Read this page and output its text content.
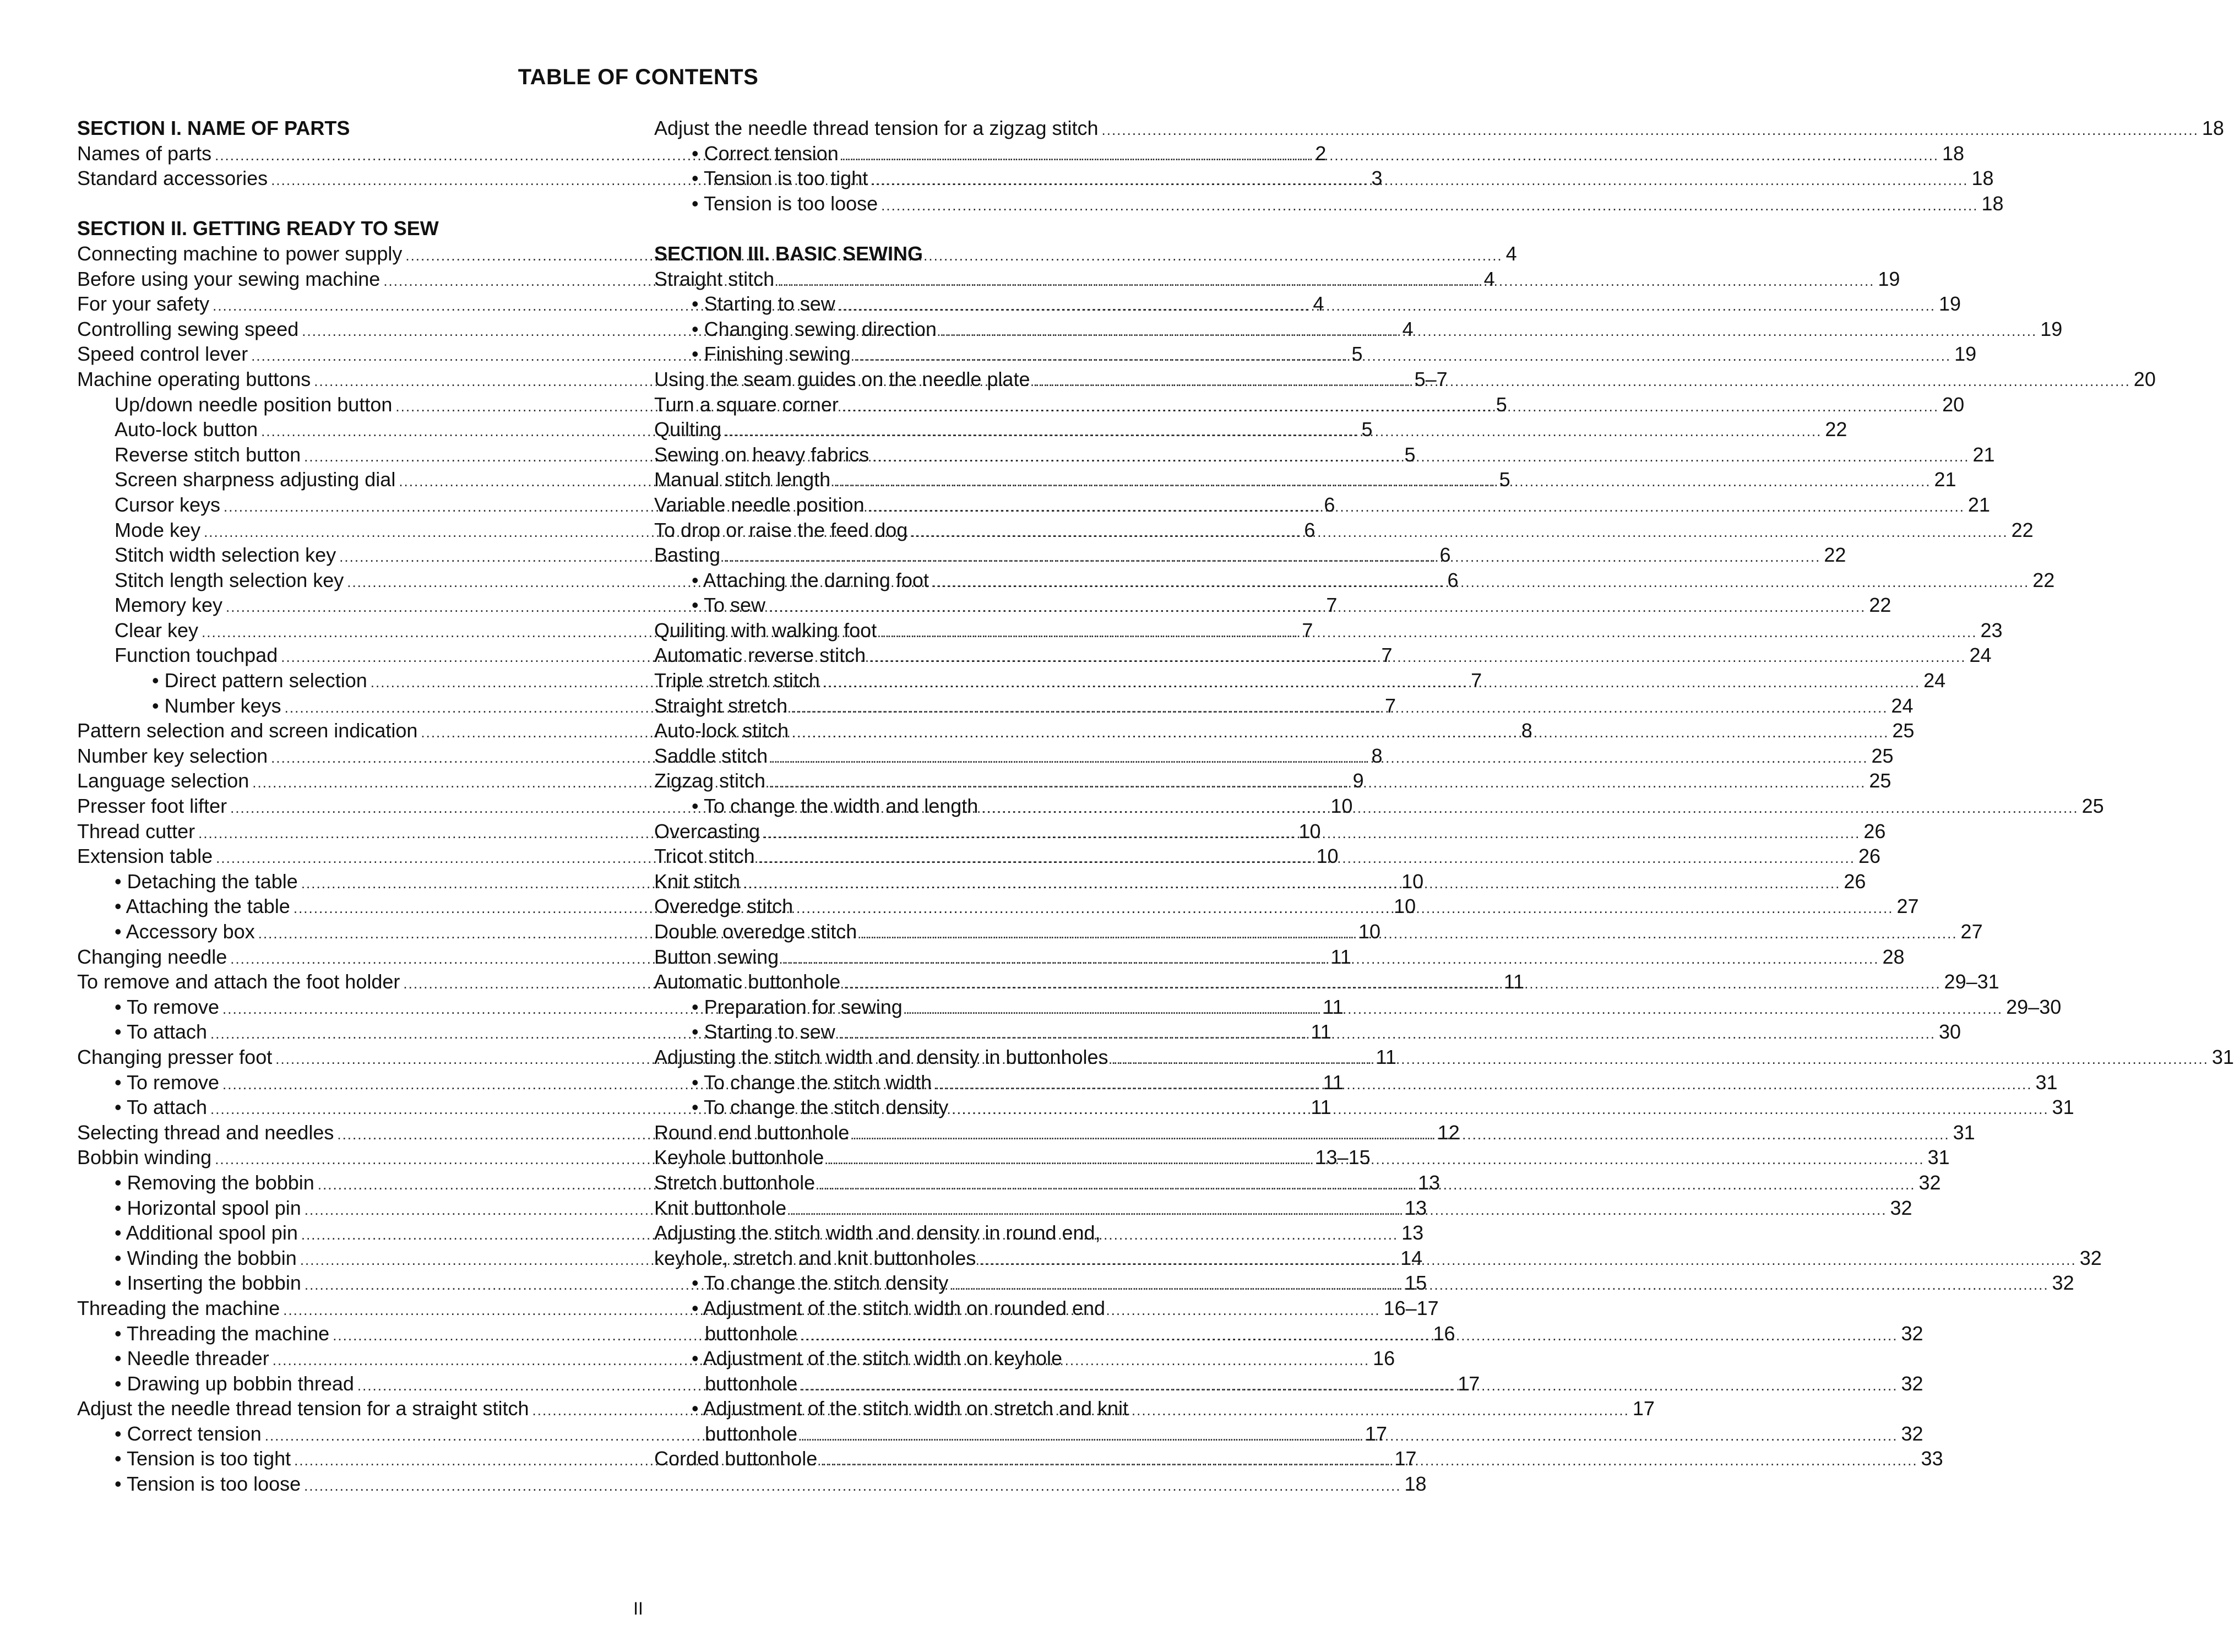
TABLE OF CONTENTS
SECTION I. NAME OF PARTS
Names of parts .....	2
Standard accessories .....	3
SECTION II. GETTING READY TO SEW
Connecting machine to power supply .....	4
Before using your sewing machine .....	4
For your safety .....	4
Controlling sewing speed .....	4
Speed control lever .....	5
Machine operating buttons .....	5–7
Up/down needle position button .....	5
Auto-lock button .....	5
Reverse stitch button .....	5
Screen sharpness adjusting dial .....	5
Cursor keys .....	6
Mode key .....	6
Stitch width selection key .....	6
Stitch length selection key .....	6
Memory key .....	7
Clear key .....	7
Function touchpad .....	7
• Direct pattern selection .....	7
• Number keys .....	7
Pattern selection and screen indication .....	8
Number key selection .....	8
Language selection .....	9
Presser foot lifter .....	10
Thread cutter .....	10
Extension table .....	10
• Detaching the table .....	10
• Attaching the table .....	10
• Accessory box .....	10
Changing needle .....	11
To remove and attach the foot holder .....	11
• To remove .....	11
• To attach .....	11
Changing presser foot .....	11
• To remove .....	11
• To attach .....	11
Selecting thread and needles .....	12
Bobbin winding .....	13–15
• Removing the bobbin .....	13
• Horizontal spool pin .....	13
• Additional spool pin .....	13
• Winding the bobbin .....	14
• Inserting the bobbin .....	15
Threading the machine .....	16–17
• Threading the machine .....	16
• Needle threader .....	16
• Drawing up bobbin thread .....	17
Adjust the needle thread tension for a straight stitch .....	17
• Correct tension .....	17
• Tension is too tight .....	17
• Tension is too loose .....	18
Adjust the needle thread tension for a zigzag stitch .....	18
• Correct tension .....	18
• Tension is too tight .....	18
• Tension is too loose .....	18
SECTION III. BASIC SEWING
Straight stitch .....	19
• Starting to sew .....	19
• Changing sewing direction .....	19
• Finishing sewing .....	19
Using the seam guides on the needle plate .....	20
Turn a square corner .....	20
Quilting .....	22
Sewing on heavy fabrics .....	21
Manual stitch length .....	21
Variable needle position .....	21
To drop or raise the feed dog .....	22
Basting .....	22
• Attaching the darning foot .....	22
• To sew .....	22
Quiliting with walking foot .....	23
Automatic reverse stitch .....	24
Triple stretch stitch .....	24
Straight stretch .....	24
Auto-lock stitch .....	25
Saddle stitch .....	25
Zigzag stitch .....	25
• To change the width and length .....	25
Overcasting .....	26
Tricot stitch .....	26
Knit stitch .....	26
Overedge stitch .....	27
Double overedge stitch .....	27
Button sewing .....	28
Automatic buttonhole .....	29–31
• Preparation for sewing .....	29–30
• Starting to sew .....	30
Adjusting the stitch width and density in buttonholes .....	31
• To change the stitch width .....	31
• To change the stitch density .....	31
Round end buttonhole .....	31
Keyhole buttonhole .....	31
Stretch buttonhole .....	32
Knit buttonhole .....	32
Adjusting the stitch width and density in round end,
keyhole, stretch and knit buttonholes .....	32
• To change the stitch density .....	32
• Adjustment of the stitch width on rounded end
buttonhole .....	32
• Adjustment of the stitch width on keyhole
buttonhole .....	32
• Adjustment of the stitch width on stretch and knit
buttonhole .....	32
Corded buttonhole .....	33
II
